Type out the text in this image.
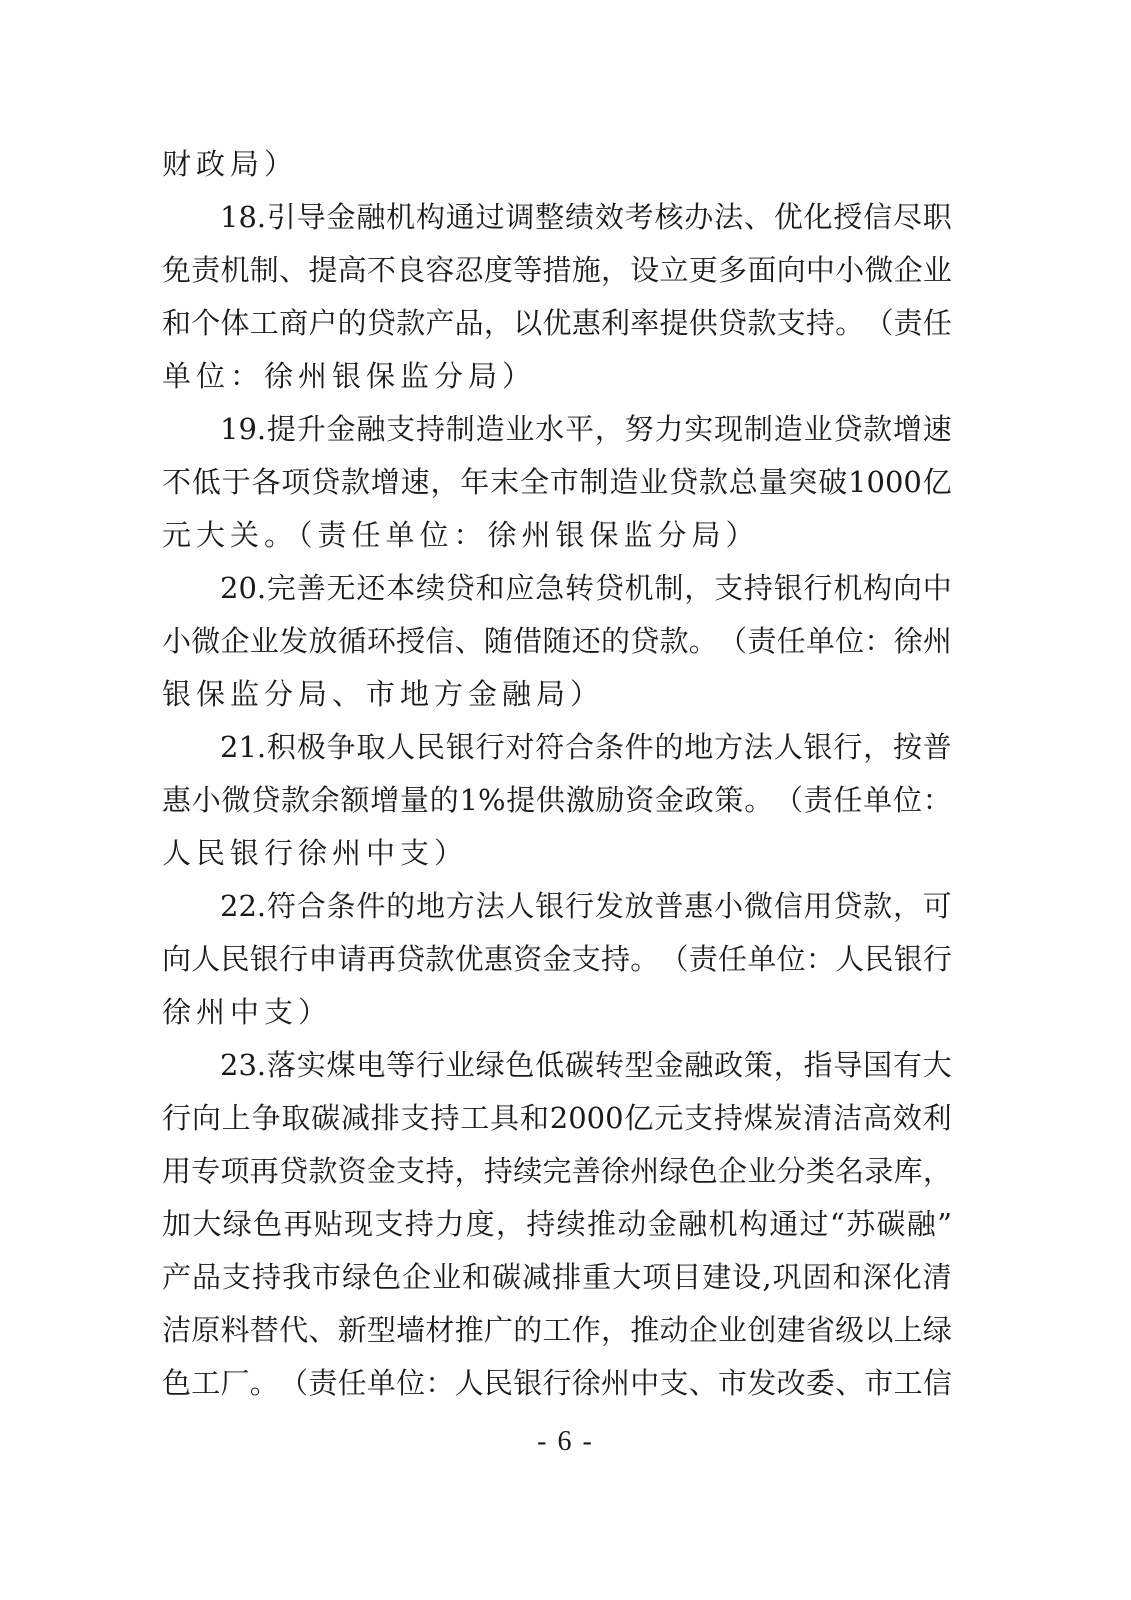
财政局）
18. 引 导 金 融 机 构 通 过 调 整 绩 效 考 核 办 法 、 优 化 授 信 尽 职
免 责 机 制 、 提 高 不 良 容 忍 度 等 措 施 ， 设 立 更 多 面 向 中 小 微 企 业
和 个 体 工 商 户 的 贷 款 产 品 ， 以 优 惠 利 率 提 供 贷 款 支 持 。 （ 责 任
单位：徐州银保监分局）
19. 提 升 金 融 支 持 制 造 业 水 平 ， 努 力 实 现 制 造 业 贷 款 增 速
不 低 于 各 项 贷 款 增 速 ， 年 末 全 市 制 造 业 贷 款 总 量 突 破 1000 亿
元大关。（责任单位：徐州银保监分局）
20. 完 善 无 还 本 续 贷 和 应 急 转 贷 机 制 ， 支 持 银 行 机 构 向 中
小 微 企 业 发 放 循 环 授 信 、 随 借 随 还 的 贷 款 。 （ 责 任 单 位 ： 徐 州
银保监分局、市地方金融局）
21. 积 极 争 取 人 民 银 行 对 符 合 条 件 的 地 方 法 人 银 行 ， 按 普
惠 小 微 贷 款 余 额 增 量 的 1% 提 供 激 励 资 金 政 策 。 （ 责 任 单 位 ：
人民银行徐州中支）
22. 符 合 条 件 的 地 方 法 人 银 行 发 放 普 惠 小 微 信 用 贷 款 ， 可
向 人 民 银 行 申 请 再 贷 款 优 惠 资 金 支 持 。 （ 责 任 单 位 ： 人 民 银 行
徐州中支）
23. 落 实 煤 电 等 行 业 绿 色 低 碳 转 型 金 融 政 策 ， 指 导 国 有 大
行 向 上 争 取 碳 减 排 支 持 工 具 和 2000 亿 元 支 持 煤 炭 清 洁 高 效 利
用 专 项 再 贷 款 资 金 支 持 ， 持 续 完 善 徐 州 绿 色 企 业 分 类 名 录 库 ，
加 大 绿 色 再 贴 现 支 持 力 度 ， 持 续 推 动 金 融 机 构 通 过 “ 苏 碳 融 ”
产 品 支 持 我 市 绿 色 企 业 和 碳 减 排 重 大 项 目 建 设 , 巩 固 和 深 化 清
洁 原 料 替 代 、 新 型 墙 材 推 广 的 工 作 ， 推 动 企 业 创 建 省 级 以 上 绿
色 工 厂 。 （ 责 任 单 位 ： 人 民 银 行 徐 州 中 支 、 市 发 改 委 、 市 工 信
- 6 -
